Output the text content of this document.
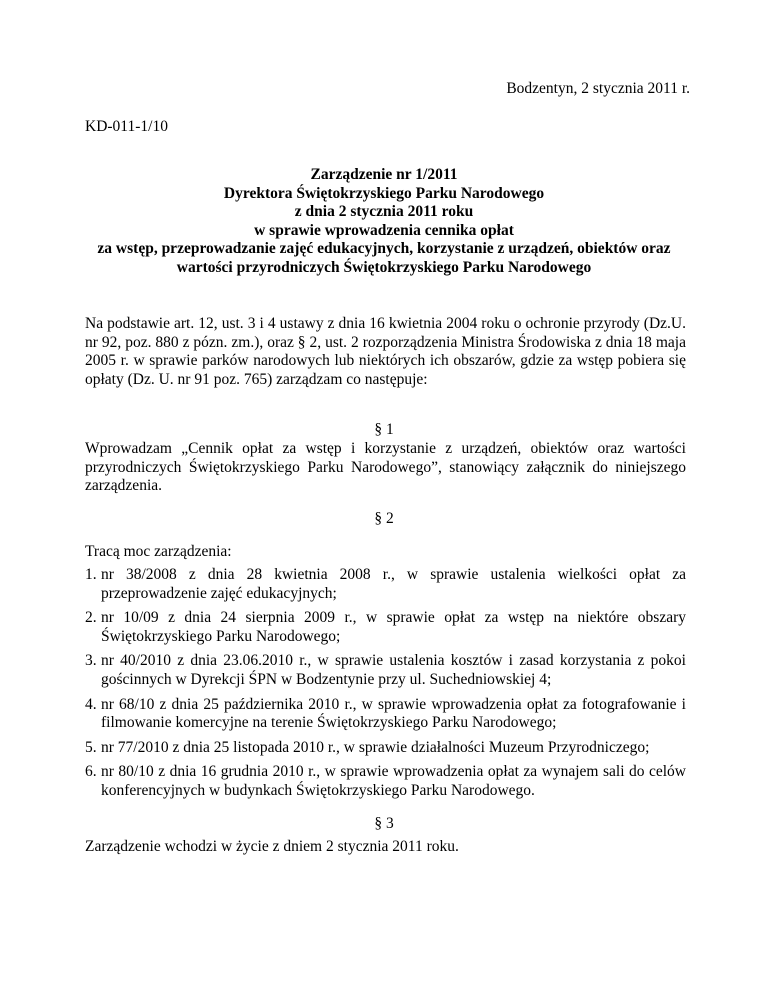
Bodzentyn, 2 stycznia 2011 r.
KD-011-1/10
Zarządzenie nr 1/2011
Dyrektora Świętokrzyskiego Parku Narodowego
z dnia 2 stycznia 2011 roku
w sprawie wprowadzenia cennika opłat
za wstęp, przeprowadzanie zajęć edukacyjnych, korzystanie z urządzeń, obiektów oraz
wartości przyrodniczych Świętokrzyskiego Parku Narodowego
Na podstawie art. 12, ust. 3 i 4 ustawy z dnia 16 kwietnia 2004 roku o ochronie przyrody (Dz.U. nr 92, poz. 880 z pózn. zm.), oraz § 2, ust. 2 rozporządzenia Ministra Środowiska z dnia 18 maja 2005 r. w sprawie parków narodowych lub niektórych ich obszarów, gdzie za wstęp pobiera się opłaty (Dz. U. nr 91 poz. 765) zarządzam co następuje:
§ 1
Wprowadzam „Cennik opłat za wstęp i korzystanie z urządzeń, obiektów oraz wartości przyrodniczych Świętokrzyskiego Parku Narodowego”, stanowiący załącznik do niniejszego zarządzenia.
§ 2
Tracą moc zarządzenia:
1. nr 38/2008 z dnia 28 kwietnia 2008 r., w sprawie ustalenia wielkości opłat za przeprowadzenie zajęć edukacyjnych;
2. nr 10/09 z dnia 24 sierpnia 2009 r., w sprawie opłat za wstęp na niektóre obszary Świętokrzyskiego Parku Narodowego;
3. nr 40/2010 z dnia 23.06.2010 r., w sprawie ustalenia kosztów i zasad korzystania z pokoi gościnnych w Dyrekcji ŚPN w Bodzentynie przy ul. Suchedniowskiej 4;
4. nr 68/10 z dnia 25 października 2010 r., w sprawie wprowadzenia opłat za fotografowanie i filmowanie komercyjne na terenie Świętokrzyskiego Parku Narodowego;
5. nr 77/2010 z dnia 25 listopada 2010 r., w sprawie działalności Muzeum Przyrodniczego;
6. nr 80/10 z dnia 16 grudnia 2010 r., w sprawie wprowadzenia opłat za wynajem sali do celów konferencyjnych w budynkach Świętokrzyskiego Parku Narodowego.
§ 3
Zarządzenie wchodzi w życie z dniem 2 stycznia 2011 roku.
